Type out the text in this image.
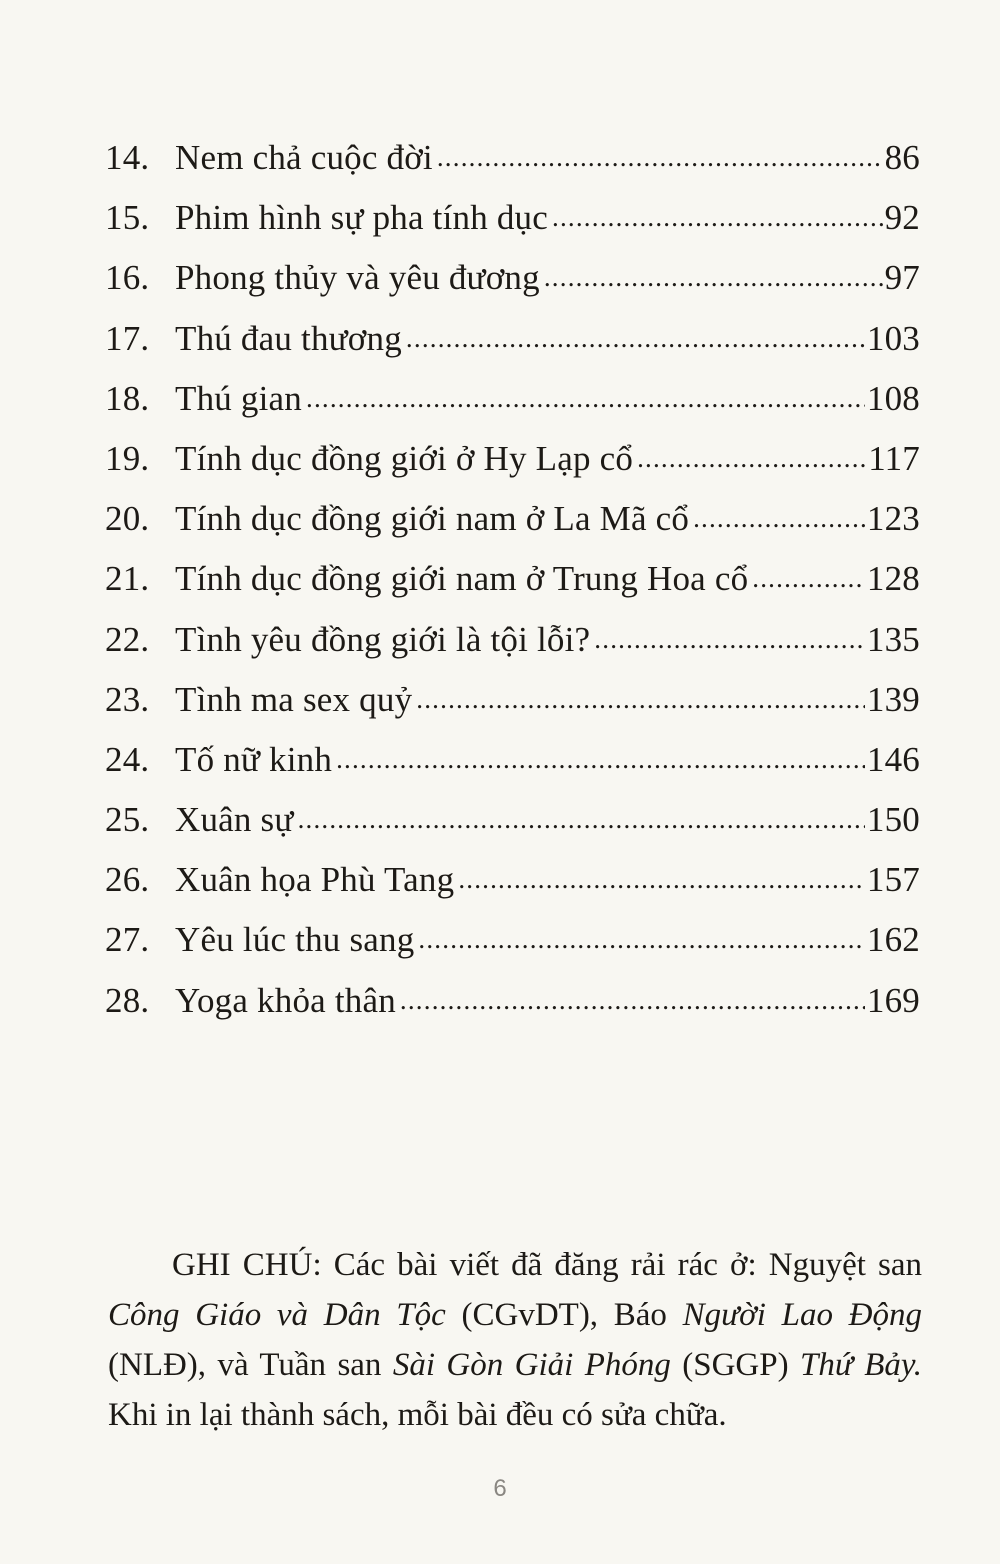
14. Nem chả cuộc đời .....	86
15. Phim hình sự pha tính dục .....	92
16. Phong thủy và yêu đương .....	97
17. Thú đau thương .....	103
18. Thú gian .....	108
19. Tính dục đồng giới ở Hy Lạp cổ .....	117
20. Tính dục đồng giới nam ở La Mã cổ .....	123
21. Tính dục đồng giới nam ở Trung Hoa cổ .....	128
22. Tình yêu đồng giới là tội lỗi? .....	135
23. Tình ma sex quỷ .....	139
24. Tố nữ kinh .....	146
25. Xuân sự .....	150
26. Xuân họa Phù Tang .....	157
27. Yêu lúc thu sang .....	162
28. Yoga khỏa thân .....	169

GHI CHÚ: Các bài viết đã đăng rải rác ở: Nguyệt san Công Giáo và Dân Tộc (CGvDT), Báo Người Lao Động (NLĐ), và Tuần san Sài Gòn Giải Phóng (SGGP) Thứ Bảy. Khi in lại thành sách, mỗi bài đều có sửa chữa.

6
